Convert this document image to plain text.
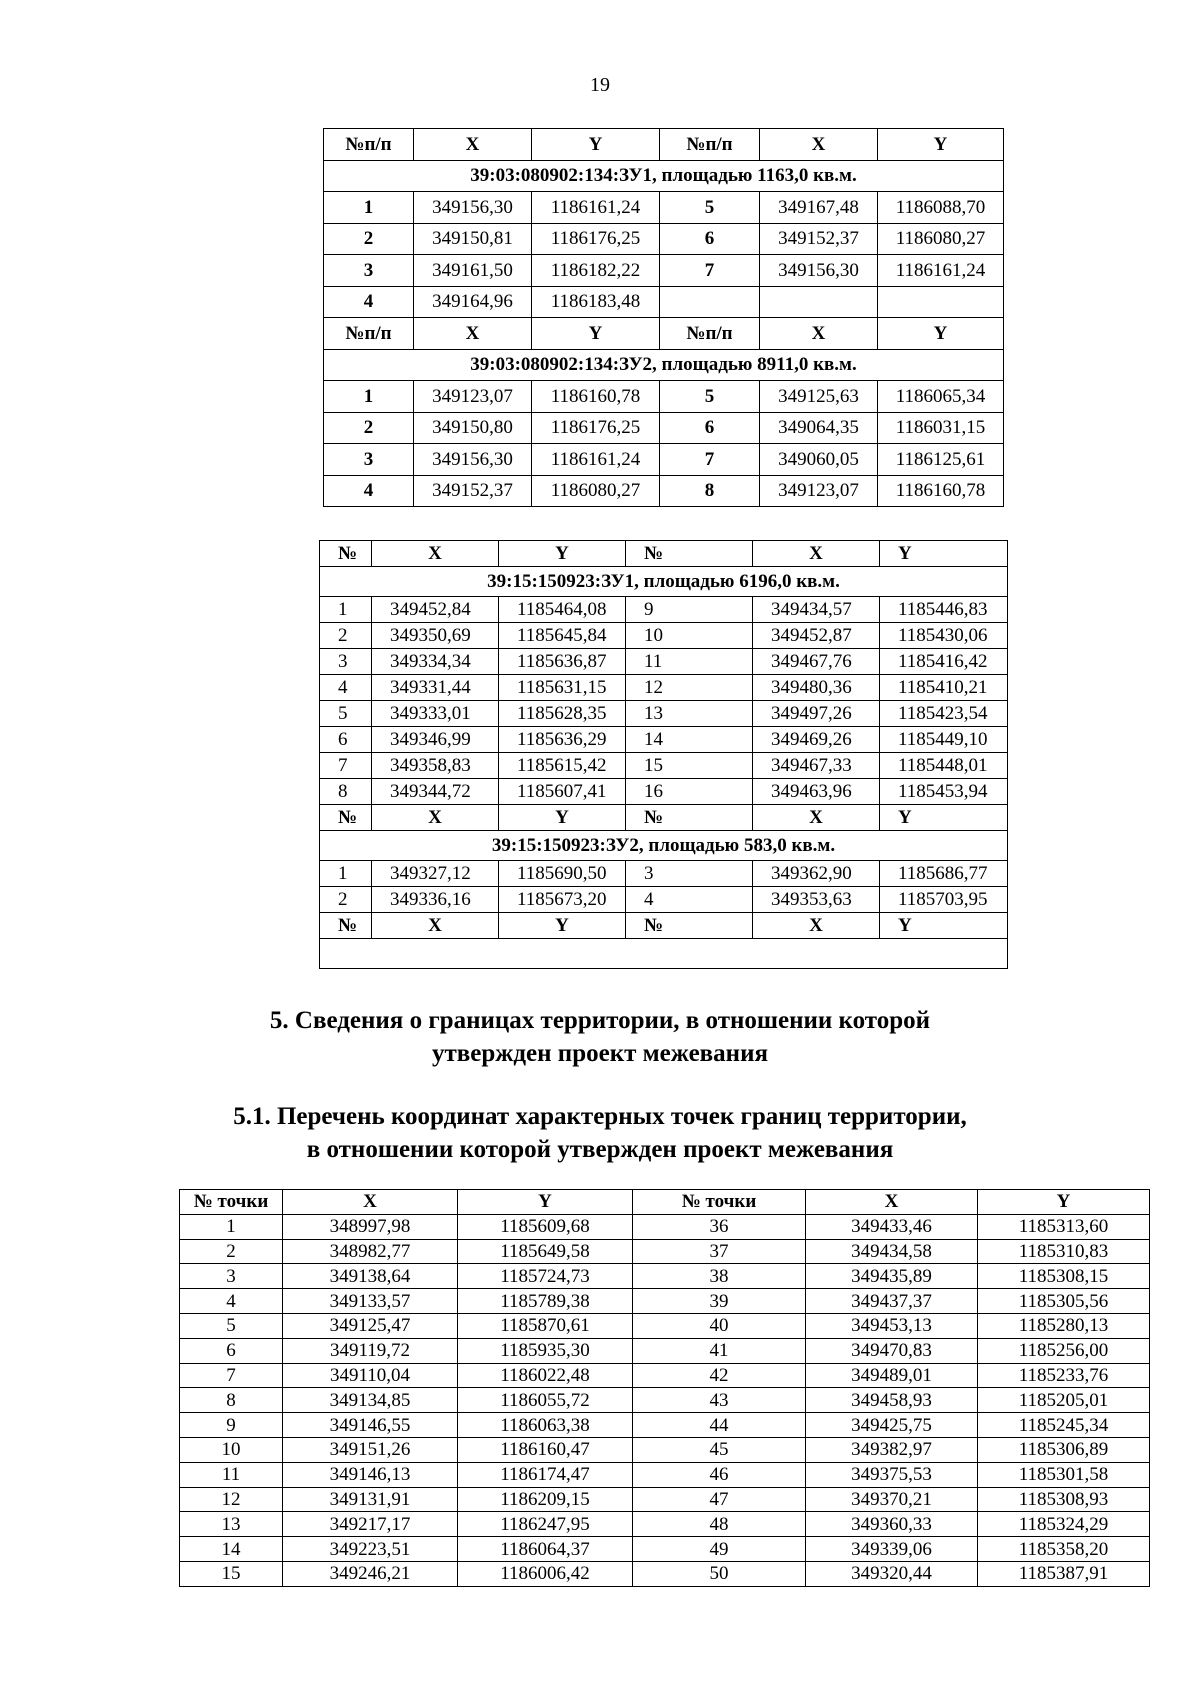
19
№п/п	X	Y	№п/п	X	Y
39:03:080902:134:ЗУ1, площадью 1163,0 кв.м.					
1	349156,30	1186161,24	5	349167,48	1186088,70
2	349150,81	1186176,25	6	349152,37	1186080,27
3	349161,50	1186182,22	7	349156,30	1186161,24
4	349164,96	1186183,48			
№п/п	X	Y	№п/п	X	Y
39:03:080902:134:ЗУ2, площадью 8911,0 кв.м.					
1	349123,07	1186160,78	5	349125,63	1186065,34
2	349150,80	1186176,25	6	349064,35	1186031,15
3	349156,30	1186161,24	7	349060,05	1186125,61
4	349152,37	1186080,27	8	349123,07	1186160,78
№	X	Y	№	X	Y
39:15:150923:ЗУ1, площадью 6196,0 кв.м.					
1	349452,84	1185464,08	9	349434,57	1185446,83
2	349350,69	1185645,84	10	349452,87	1185430,06
3	349334,34	1185636,87	11	349467,76	1185416,42
4	349331,44	1185631,15	12	349480,36	1185410,21
5	349333,01	1185628,35	13	349497,26	1185423,54
6	349346,99	1185636,29	14	349469,26	1185449,10
7	349358,83	1185615,42	15	349467,33	1185448,01
8	349344,72	1185607,41	16	349463,96	1185453,94
№	X	Y	№	X	Y
39:15:150923:ЗУ2, площадью 583,0 кв.м.					
1	349327,12	1185690,50	3	349362,90	1185686,77
2	349336,16	1185673,20	4	349353,63	1185703,95
№	X	Y	№	X	Y

5. Сведения о границах территории, в отношении которой
утвержден проект межевания
5.1. Перечень координат характерных точек границ территории,
в отношении которой утвержден проект межевания
№ точки	X	Y	№ точки	X	Y
1	348997,98	1185609,68	36	349433,46	1185313,60
2	348982,77	1185649,58	37	349434,58	1185310,83
3	349138,64	1185724,73	38	349435,89	1185308,15
4	349133,57	1185789,38	39	349437,37	1185305,56
5	349125,47	1185870,61	40	349453,13	1185280,13
6	349119,72	1185935,30	41	349470,83	1185256,00
7	349110,04	1186022,48	42	349489,01	1185233,76
8	349134,85	1186055,72	43	349458,93	1185205,01
9	349146,55	1186063,38	44	349425,75	1185245,34
10	349151,26	1186160,47	45	349382,97	1185306,89
11	349146,13	1186174,47	46	349375,53	1185301,58
12	349131,91	1186209,15	47	349370,21	1185308,93
13	349217,17	1186247,95	48	349360,33	1185324,29
14	349223,51	1186064,37	49	349339,06	1185358,20
15	349246,21	1186006,42	50	349320,44	1185387,91
